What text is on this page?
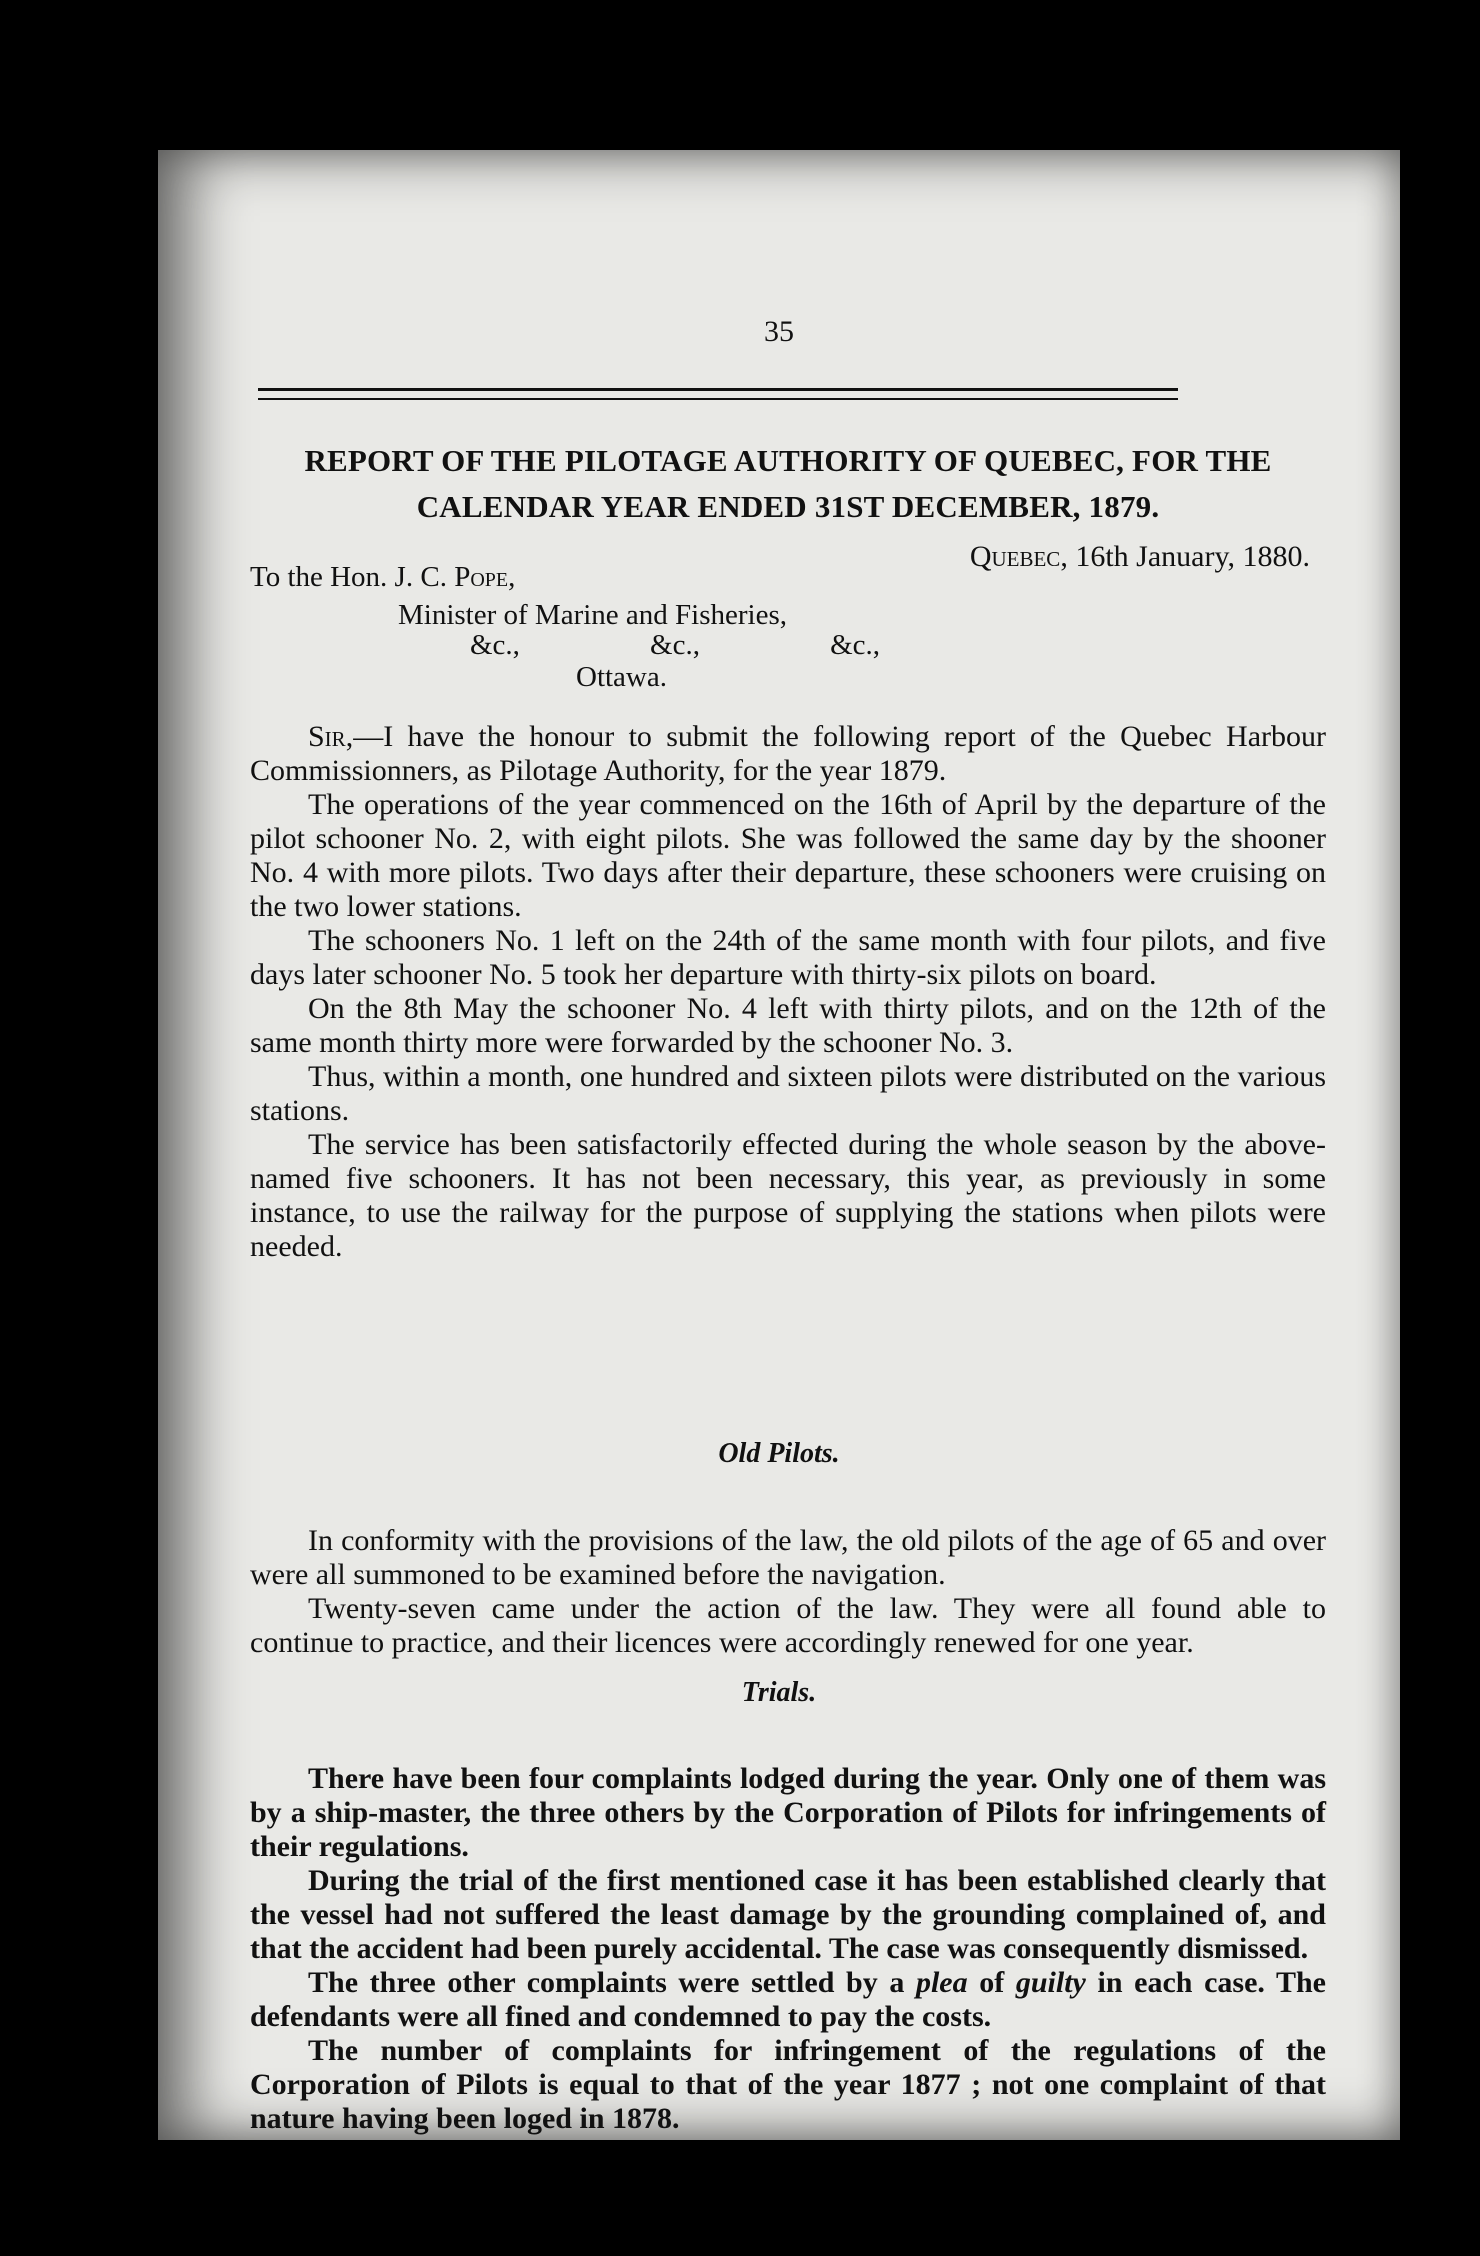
35
REPORT OF THE PILOTAGE AUTHORITY OF QUEBEC, FOR THE CALENDAR YEAR ENDED 31ST DECEMBER, 1879.
Quebec, 16th January, 1880.
To the Hon. J. C. Pope,
Minister of Marine and Fisheries,
&c.,	&c.,	&c.,
Ottawa.

Sir,—I have the honour to submit the following report of the Quebec Harbour Commissionners, as Pilotage Authority, for the year 1879.

The operations of the year commenced on the 16th of April by the departure of the pilot schooner No. 2, with eight pilots. She was followed the same day by the shooner No. 4 with more pilots. Two days after their departure, these schooners were cruising on the two lower stations.

The schooners No. 1 left on the 24th of the same month with four pilots, and five days later schooner No. 5 took her departure with thirty-six pilots on board.

On the 8th May the schooner No. 4 left with thirty pilots, and on the 12th of the same month thirty more were forwarded by the schooner No. 3.

Thus, within a month, one hundred and sixteen pilots were distributed on the various stations.

The service has been satisfactorily effected during the whole season by the above-named five schooners. It has not been necessary, this year, as previously in some instance, to use the railway for the purpose of supplying the stations when pilots were needed.

Old Pilots.

In conformity with the provisions of the law, the old pilots of the age of 65 and over were all summoned to be examined before the navigation.

Twenty-seven came under the action of the law. They were all found able to continue to practice, and their licences were accordingly renewed for one year.

Trials.

There have been four complaints lodged during the year. Only one of them was by a ship-master, the three others by the Corporation of Pilots for infringements of their regulations.

During the trial of the first mentioned case it has been established clearly that the vessel had not suffered the least damage by the grounding complained of, and that the accident had been purely accidental. The case was consequently dismissed.

The three other complaints were settled by a plea of guilty in each case. The defendants were all fined and condemned to pay the costs.

The number of complaints for infringement of the regulations of the Corporation of Pilots is equal to that of the year 1877 ; not one complaint of that nature having been loged in 1878.
